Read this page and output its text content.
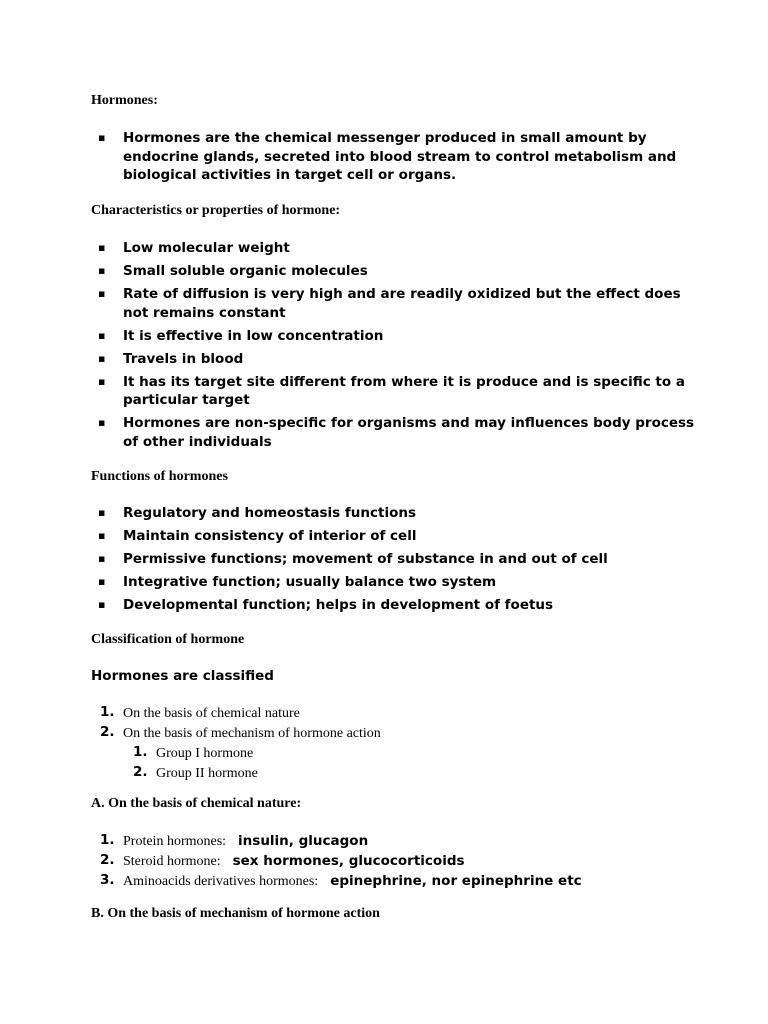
Hormones:
▪ Hormones are the chemical messenger produced in small amount by endocrine glands, secreted into blood stream to control metabolism and biological activities in target cell or organs.
Characteristics or properties of hormone:
▪ Low molecular weight
▪ Small soluble organic molecules
▪ Rate of diffusion is very high and are readily oxidized but the effect does not remains constant
▪ It is effective in low concentration
▪ Travels in blood
▪ It has its target site different from where it is produce and is specific to a particular target
▪ Hormones are non-specific for organisms and may influences body process of other individuals
Functions of hormones
▪ Regulatory and homeostasis functions
▪ Maintain consistency of interior of cell
▪ Permissive functions; movement of substance in and out of cell
▪ Integrative function; usually balance two system
▪ Developmental function; helps in development of foetus
Classification of hormone
Hormones are classified
1. On the basis of chemical nature
2. On the basis of mechanism of hormone action
1. Group I hormone
2. Group II hormone
A. On the basis of chemical nature:
1. Protein hormones: insulin, glucagon
2. Steroid hormone: sex hormones, glucocorticoids
3. Aminoacids derivatives hormones: epinephrine, nor epinephrine etc
B. On the basis of mechanism of hormone action
